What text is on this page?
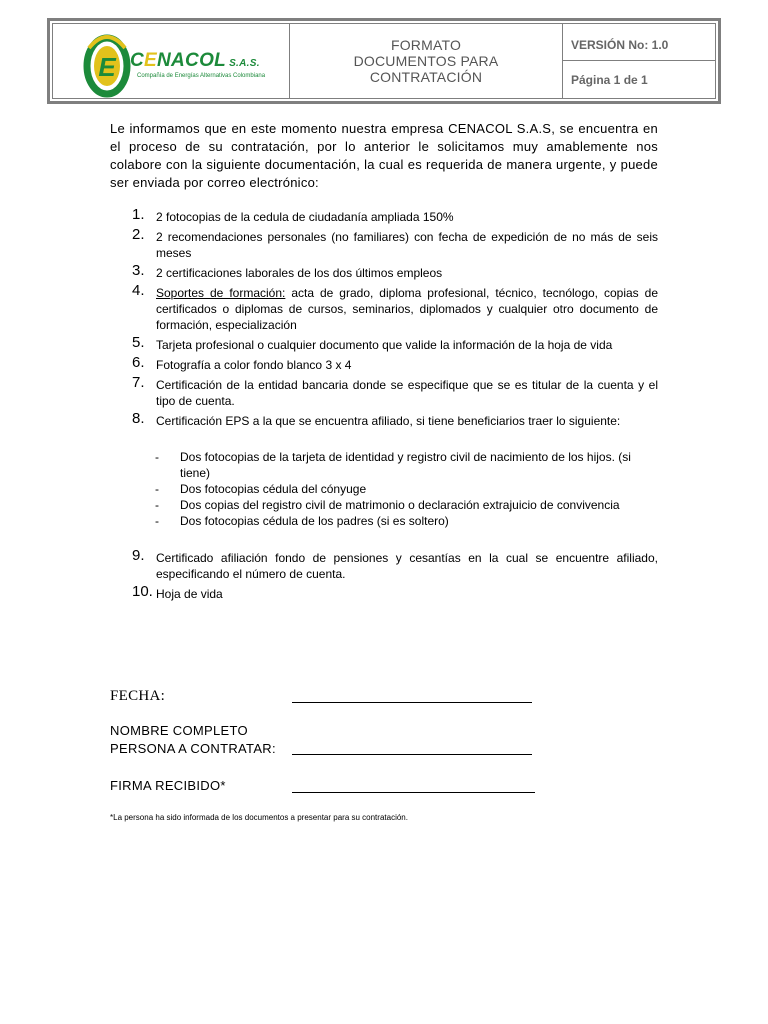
E CENACOL S.A.S.
Compañía de Energías Alternativas Colombiana
FORMATO DOCUMENTOS PARA CONTRATACIÓN
VERSIÓN No: 1.0
Página 1 de 1

Le informamos que en este momento nuestra empresa CENACOL S.A.S, se encuentra en el proceso de su contratación, por lo anterior le solicitamos muy amablemente nos colabore con la siguiente documentación, la cual es requerida de manera urgente, y puede ser enviada por correo electrónico:

1. 2 fotocopias de la cedula de ciudadanía ampliada 150%
2. 2 recomendaciones personales (no familiares) con fecha de expedición de no más de seis meses
3. 2 certificaciones laborales de los dos últimos empleos
4. Soportes de formación: acta de grado, diploma profesional, técnico, tecnólogo, copias de certificados o diplomas de cursos, seminarios, diplomados y cualquier otro documento de formación, especialización
5. Tarjeta profesional o cualquier documento que valide la información de la hoja de vida
6. Fotografía a color fondo blanco 3 x 4
7. Certificación de la entidad bancaria donde se especifique que se es titular de la cuenta y el tipo de cuenta.
8. Certificación EPS a la que se encuentra afiliado, si tiene beneficiarios traer lo siguiente:
- Dos fotocopias de la tarjeta de identidad y registro civil de nacimiento de los hijos. (si tiene)
- Dos fotocopias cédula del cónyuge
- Dos copias del registro civil de matrimonio o declaración extrajuicio de convivencia
- Dos fotocopias cédula de los padres (si es soltero)
9. Certificado afiliación fondo de pensiones y cesantías en la cual se encuentre afiliado, especificando el número de cuenta.
10. Hoja de vida
FECHA:
NOMBRE COMPLETO
PERSONA A CONTRATAR:
FIRMA RECIBIDO*
*La persona ha sido informada de los documentos a presentar para su contratación.
